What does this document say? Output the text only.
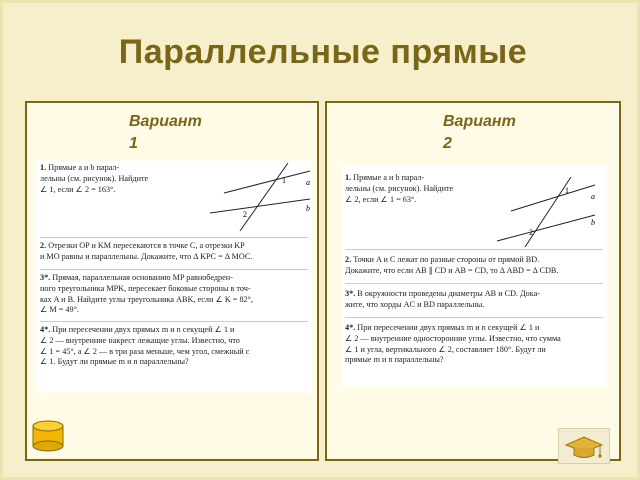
Параллельные прямые
Вариант
1
1. Прямые a и b парал-
лельны (см. рисунок). Найдите
∠ 1, если ∠ 2 = 163°.
1
2
a
b
2. Отрезки OP и KM пересекаются в точке C, а отрезки KP
и MO равны и параллельны. Докажите, что Δ KPC = Δ MOC.
3*. Прямая, параллельная основанию MP равнобедрен-
ного треугольника MPK, пересекает боковые стороны в точ-
ках A и B. Найдите углы треугольника ABK, если ∠ K = 82°,
∠ M = 49°.
4*. При пересечении двух прямых m и n секущей ∠ 1 и
∠ 2 — внутренние накрест лежащие углы. Известно, что
∠ 1 = 45°, а ∠ 2 — в три раза меньше, чем угол, смежный с
∠ 1. Будут ли прямые m и n параллельны?
Вариант
2
1. Прямые a и b парал-
лельны (см. рисунок). Найдите
∠ 2, если ∠ 1 = 63°.
1
2
a
b
2. Точки A и C лежат по разные стороны от прямой BD.
Докажите, что если AB ∥ CD и AB = CD, то Δ ABD = Δ CDB.
3*. В окружности проведены диаметры AB и CD. Дока-
жите, что хорды AC и BD параллельны.
4*. При пересечении двух прямых m и n секущей ∠ 1 и
∠ 2 — внутренние односторонние углы. Известно, что сумма
∠ 1 и угла, вертикального ∠ 2, составляет 180°. Будут ли
прямые m и n параллельны?
